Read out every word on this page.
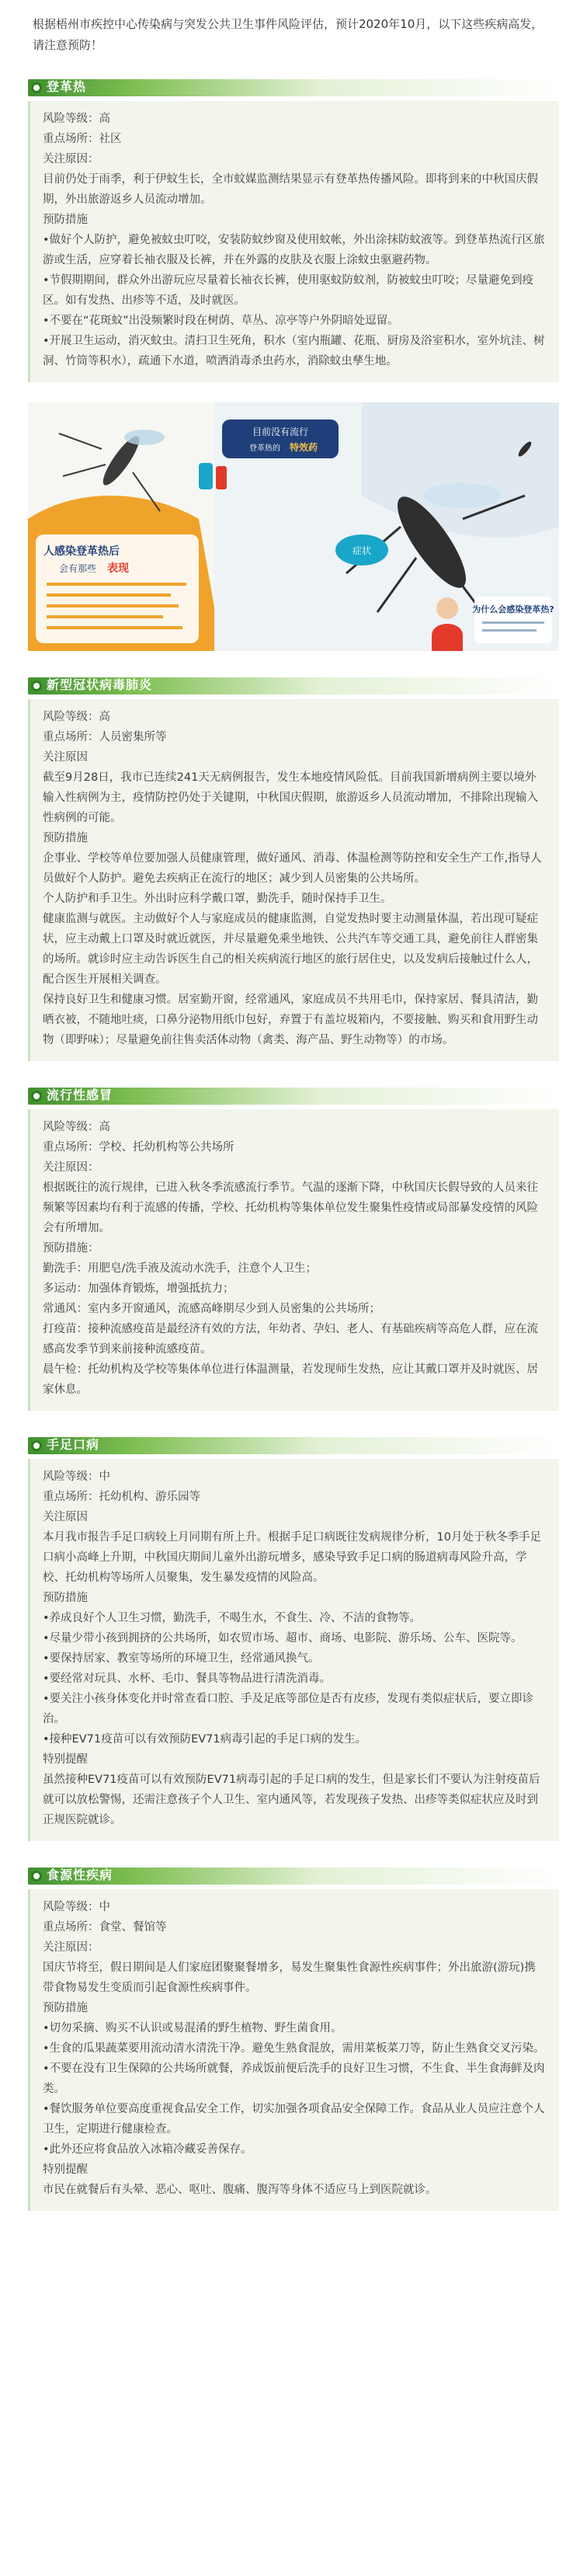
根据梧州市疾控中心传染病与突发公共卫生事件风险评估，预计2020年10月，以下这些疾病高发，请注意预防！

登革热

风险等级：高

重点场所：社区

关注原因：

目前仍处于雨季，利于伊蚊生长，全市蚊媒监测结果显示有登革热传播风险。即将到来的中秋国庆假期，外出旅游返乡人员流动增加。

预防措施

•做好个人防护，避免被蚊虫叮咬，安装防蚊纱窗及使用蚊帐，外出涂抹防蚊液等。到登革热流行区旅游或生活，应穿着长袖衣服及长裤，并在外露的皮肤及衣服上涂蚊虫驱避药物。

•节假期期间，群众外出游玩应尽量着长袖衣长裤，使用驱蚊防蚊剂，防被蚊虫叮咬；尽量避免到疫区。如有发热、出疹等不适，及时就医。

•不要在“花斑蚊”出没频繁时段在树荫、草丛、凉亭等户外阴暗处逗留。

•开展卫生运动，消灭蚊虫。清扫卫生死角，积水（室内瓶罐、花瓶、厨房及浴室积水，室外坑洼、树洞、竹筒等积水），疏通下水道，喷洒消毒杀虫药水，消除蚊虫孳生地。

目前没有流行
登革热的 特效药
症状
人感染登革热后
会有那些 表现
为什么会感染登革热?
新型冠状病毒肺炎

风险等级：高

重点场所：人员密集所等

关注原因

截至9月28日，我市已连续241天无病例报告，发生本地疫情风险低。目前我国新增病例主要以境外输入性病例为主，疫情防控仍处于关键期，中秋国庆假期，旅游返乡人员流动增加，不排除出现输入性病例的可能。

预防措施

企事业、学校等单位要加强人员健康管理，做好通风、消毒、体温检测等防控和安全生产工作,指导人员做好个人防护。避免去疾病正在流行的地区；减少到人员密集的公共场所。

个人防护和手卫生。外出时应科学戴口罩，勤洗手，随时保持手卫生。

健康监测与就医。主动做好个人与家庭成员的健康监测，自觉发热时要主动测量体温，若出现可疑症状，应主动戴上口罩及时就近就医，并尽量避免乘坐地铁、公共汽车等交通工具，避免前往人群密集的场所。就诊时应主动告诉医生自己的相关疾病流行地区的旅行居住史，以及发病后接触过什么人，配合医生开展相关调查。

保持良好卫生和健康习惯。居室勤开窗，经常通风，家庭成员不共用毛巾，保持家居、餐具清洁，勤晒衣被，不随地吐痰，口鼻分泌物用纸巾包好，弃置于有盖垃圾箱内，不要接触、购买和食用野生动物（即野味）；尽量避免前往售卖活体动物（禽类、海产品、野生动物等）的市场。

流行性感冒

风险等级：高

重点场所：学校、托幼机构等公共场所

关注原因：

根据既往的流行规律，已进入秋冬季流感流行季节。气温的逐渐下降，中秋国庆长假导致的人员来往频繁等因素均有利于流感的传播，学校、托幼机构等集体单位发生聚集性疫情或局部暴发疫情的风险会有所增加。

预防措施：

勤洗手：用肥皂/洗手液及流动水洗手，注意个人卫生；

多运动：加强体育锻炼，增强抵抗力；

常通风：室内多开窗通风，流感高峰期尽少到人员密集的公共场所；

打疫苗：接种流感疫苗是最经济有效的方法，年幼者、孕妇、老人、有基础疾病等高危人群，应在流感高发季节到来前接种流感疫苗。

晨午检：托幼机构及学校等集体单位进行体温测量，若发现师生发热，应让其戴口罩并及时就医、居家休息。

手足口病

风险等级：中

重点场所：托幼机构、游乐园等

关注原因

本月我市报告手足口病较上月同期有所上升。根据手足口病既往发病规律分析，10月处于秋冬季手足口病小高峰上升期，中秋国庆期间儿童外出游玩增多，感染导致手足口病的肠道病毒风险升高，学校、托幼机构等场所人员聚集，发生暴发疫情的风险高。

预防措施

•养成良好个人卫生习惯，勤洗手，不喝生水，不食生、冷、不洁的食物等。

•尽量少带小孩到拥挤的公共场所，如农贸市场、超市、商场、电影院、游乐场、公车、医院等。

•要保持居家、教室等场所的环境卫生，经常通风换气。

•要经常对玩具、水杯、毛巾、餐具等物品进行清洗消毒。

•要关注小孩身体变化并时常查看口腔、手及足底等部位是否有皮疹，发现有类似症状后，要立即诊治。

•接种EV71疫苗可以有效预防EV71病毒引起的手足口病的发生。

特别提醒

虽然接种EV71疫苗可以有效预防EV71病毒引起的手足口病的发生，但是家长们不要认为注射疫苗后就可以放松警惕，还需注意孩子个人卫生、室内通风等，若发现孩子发热、出疹等类似症状应及时到正规医院就诊。

食源性疾病

风险等级：中

重点场所：食堂、餐馆等

关注原因：

国庆节将至，假日期间是人们家庭团聚聚餐增多，易发生聚集性食源性疾病事件；外出旅游(游玩)携带食物易发生变质而引起食源性疾病事件。

预防措施

•切勿采摘、购买不认识或易混淆的野生植物、野生菌食用。

•生食的瓜果蔬菜要用流动清水清洗干净。避免生熟食混放，需用菜板菜刀等，防止生熟食交叉污染。

•不要在没有卫生保障的公共场所就餐，养成饭前便后洗手的良好卫生习惯，不生食、半生食海鲜及肉类。

•餐饮服务单位要高度重视食品安全工作，切实加强各项食品安全保障工作。食品从业人员应注意个人卫生，定期进行健康检查。

•此外还应将食品放入冰箱冷藏妥善保存。

特别提醒

市民在就餐后有头晕、恶心、呕吐、腹痛、腹泻等身体不适应马上到医院就诊。
